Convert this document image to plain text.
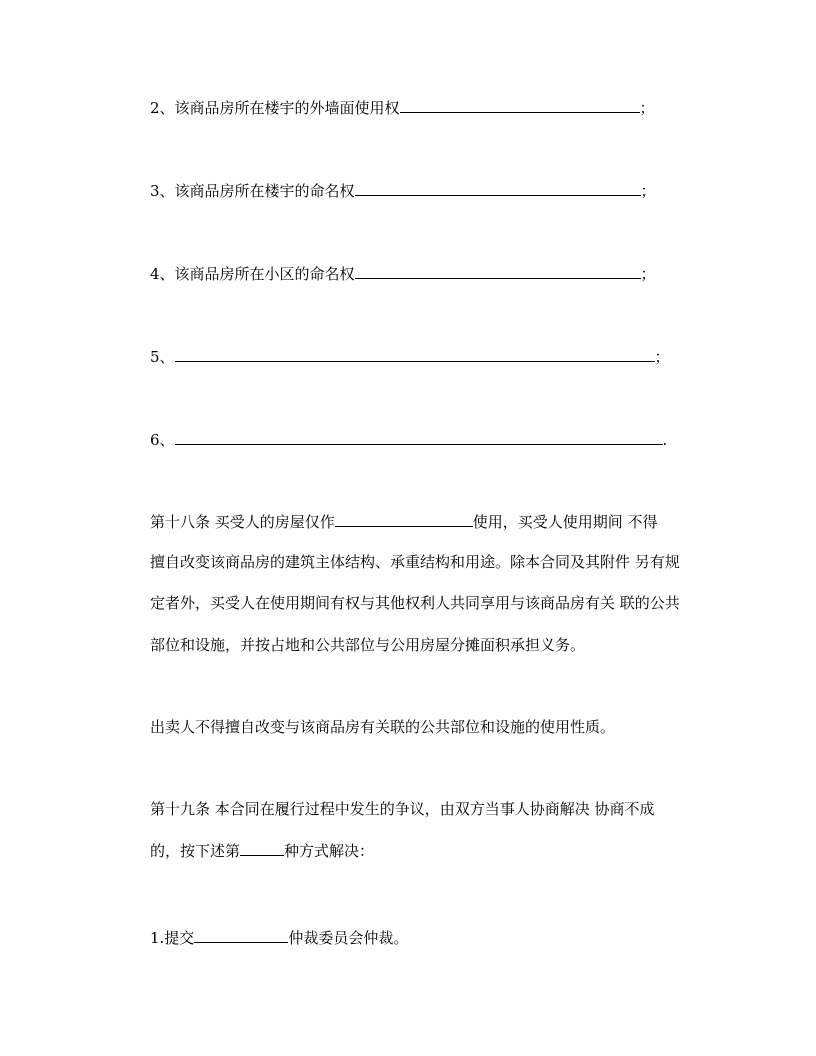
2、该商品房所在楼宇的外墙面使用权	；
3、该商品房所在楼宇的命名权	；
4、该商品房所在小区的命名权	；
5、	；
6、	.
第十八条 买受人的房屋仅作	使用，买受人使用期间 不得
擅自改变该商品房的建筑主体结构、承重结构和用途。除本合同及其附件 另有规
定者外，买受人在使用期间有权与其他权利人共同享用与该商品房有关 联的公共
部位和设施，并按占地和公共部位与公用房屋分摊面积承担义务。
出卖人不得擅自改变与该商品房有关联的公共部位和设施的使用性质。
第十九条 本合同在履行过程中发生的争议，由双方当事人协商解决 协商不成
的，按下述第	种方式解决：
1.提交	仲裁委员会仲裁。
